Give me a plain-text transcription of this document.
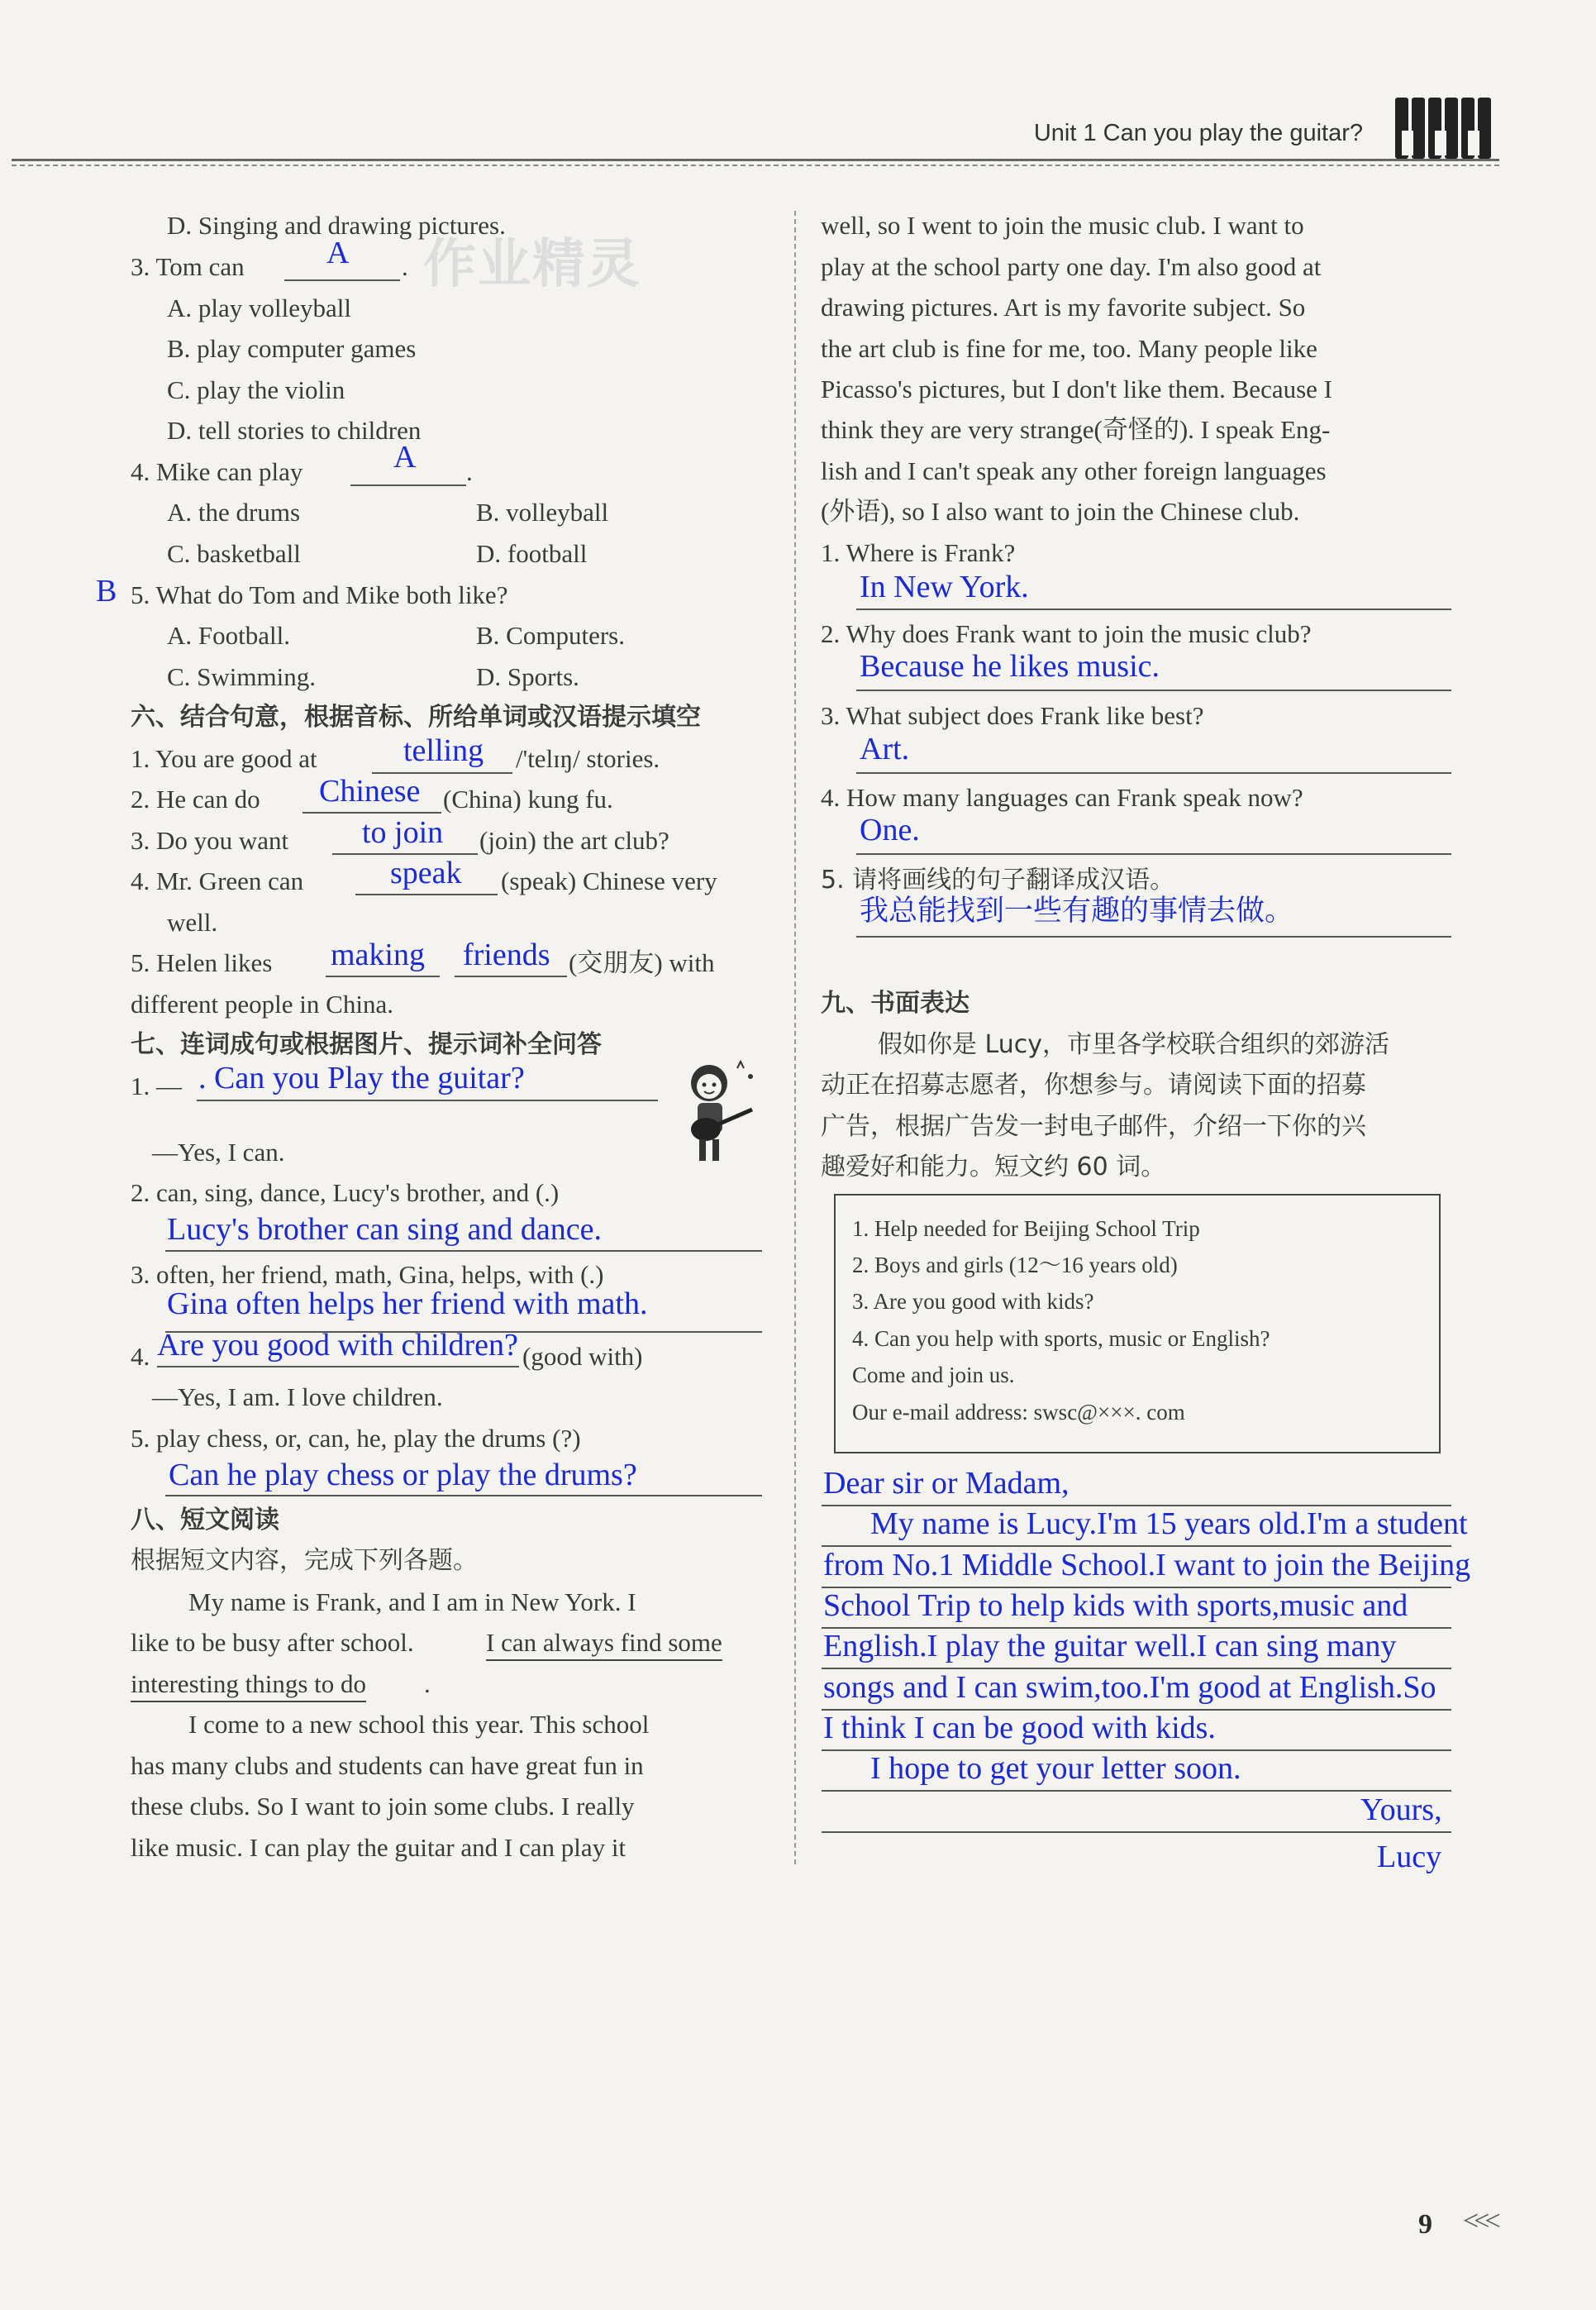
Unit 1 Can you play the guitar?
作业精灵
D. Singing and drawing pictures.
3. Tom can	A .
A. play volleyball
B. play computer games
C. play the violin
D. tell stories to children
4. Mike can play	A .
A. the drums	B. volleyball
C. basketball	D. football
B 5. What do Tom and Mike both like?
A. Football.	B. Computers.
C. Swimming.	D. Sports.
六、结合句意，根据音标、所给单词或汉语提示填空
1. You are good at	telling /'telɪŋ/ stories.
2. He can do Chinese (China) kung fu.
3. Do you want to join (join) the art club?
4. Mr. Green can	speak (speak) Chinese very
well.
5. Helen likes making friends (交朋友) with
different people in China.
七、连词成句或根据图片、提示词补全问答
1. — . Can you Play the guitar?
—Yes, I can.
2. can, sing, dance, Lucy's brother, and (.)
Lucy's brother can sing and dance.
3. often, her friend, math, Gina, helps, with (.)
Gina often helps her friend with math.
4. Are you good with children? (good with)
—Yes, I am. I love children.
5. play chess, or, can, he, play the drums (?)
Can he play chess or play the drums?
八、短文阅读
根据短文内容，完成下列各题。
My name is Frank, and I am in New York. I
like to be busy after school.	I can always find some
interesting things to do .
I come to a new school this year. This school
has many clubs and students can have great fun in
these clubs. So I want to join some clubs. I really
like music. I can play the guitar and I can play it
well, so I went to join the music club. I want to
play at the school party one day. I'm also good at
drawing pictures. Art is my favorite subject. So
the art club is fine for me, too. Many people like
Picasso's pictures, but I don't like them. Because I
think they are very strange(奇怪的). I speak Eng-
lish and I can't speak any other foreign languages
(外语), so I also want to join the Chinese club.
1. Where is Frank?
In New York.
2. Why does Frank want to join the music club?
Because he likes music.
3. What subject does Frank like best?
Art.
4. How many languages can Frank speak now?
One.
5. 请将画线的句子翻译成汉语。
我总能找到一些有趣的事情去做。
九、书面表达
假如你是 Lucy，市里各学校联合组织的郊游活
动正在招募志愿者，你想参与。请阅读下面的招募
广告，根据广告发一封电子邮件，介绍一下你的兴
趣爱好和能力。短文约 60 词。
1. Help needed for Beijing School Trip
2. Boys and girls (12～16 years old)
3. Are you good with kids?
4. Can you help with sports, music or English?
Come and join us.
Our e-mail address: swsc@×××. com
Dear sir or Madam,
My name is Lucy.I'm 15 years old.I'm a student
from No.1 Middle School.I want to join the Beijing
School Trip to help kids with sports,music and
English.I play the guitar well.I can sing many
songs and I can swim,too.I'm good at English.So
I think I can be good with kids.
I hope to get your letter soon.
Yours,
Lucy
9 <<<
